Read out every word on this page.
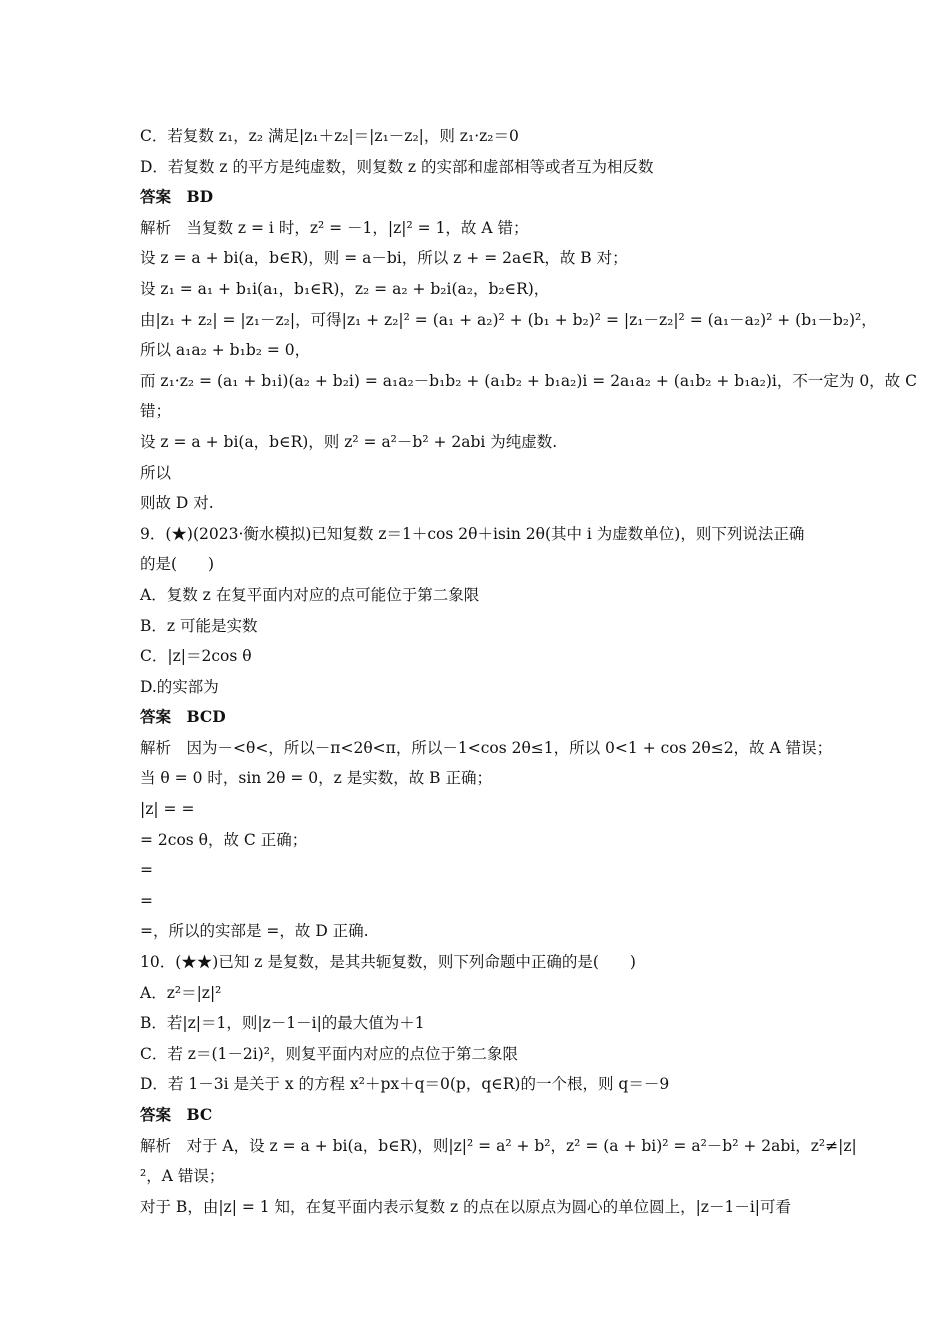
C．若复数 z₁，z₂ 满足|z₁＋z₂|＝|z₁－z₂|，则 z₁·z₂＝0
D．若复数 z 的平方是纯虚数，则复数 z 的实部和虚部相等或者互为相反数
答案　BD
解析　当复数 z = i 时，z² = －1，|z|² = 1，故 A 错；
设 z = a + bi(a，b∈R)，则 = a－bi，所以 z + = 2a∈R，故 B 对；
设 z₁ = a₁ + b₁i(a₁，b₁∈R)，z₂ = a₂ + b₂i(a₂，b₂∈R)，
由|z₁ + z₂| = |z₁－z₂|，可得|z₁ + z₂|² = (a₁ + a₂)² + (b₁ + b₂)² = |z₁－z₂|² = (a₁－a₂)² + (b₁－b₂)²，
所以 a₁a₂ + b₁b₂ = 0，
而 z₁·z₂ = (a₁ + b₁i)(a₂ + b₂i) = a₁a₂－b₁b₂ + (a₁b₂ + b₁a₂)i = 2a₁a₂ + (a₁b₂ + b₁a₂)i，不一定为 0，故 C
错；
设 z = a + bi(a，b∈R)，则 z² = a²－b² + 2abi 为纯虚数.
所以
则故 D 对.
9．(★)(2023·衡水模拟)已知复数 z＝1＋cos 2θ＋isin 2θ(其中 i 为虚数单位)，则下列说法正确
的是(　　)
A．复数 z 在复平面内对应的点可能位于第二象限
B．z 可能是实数
C．|z|＝2cos θ
D.的实部为
答案　BCD
解析　因为－<θ<，所以－π<2θ<π，所以－1<cos 2θ≤1，所以 0<1 + cos 2θ≤2，故 A 错误；
当 θ = 0 时，sin 2θ = 0，z 是实数，故 B 正确；
|z| = =
= 2cos θ，故 C 正确；
=
=
=，所以的实部是 =，故 D 正确.
10．(★★)已知 z 是复数，是其共轭复数，则下列命题中正确的是(　　)
A．z²＝|z|²
B．若|z|＝1，则|z－1－i|的最大值为＋1
C．若 z＝(1－2i)²，则复平面内对应的点位于第二象限
D．若 1－3i 是关于 x 的方程 x²＋px＋q＝0(p，q∈R)的一个根，则 q＝－9
答案　BC
解析　对于 A，设 z = a + bi(a，b∈R)，则|z|² = a² + b²，z² = (a + bi)² = a²－b² + 2abi，z²≠|z|
²，A 错误；
对于 B，由|z| = 1 知，在复平面内表示复数 z 的点在以原点为圆心的单位圆上，|z－1－i|可看
